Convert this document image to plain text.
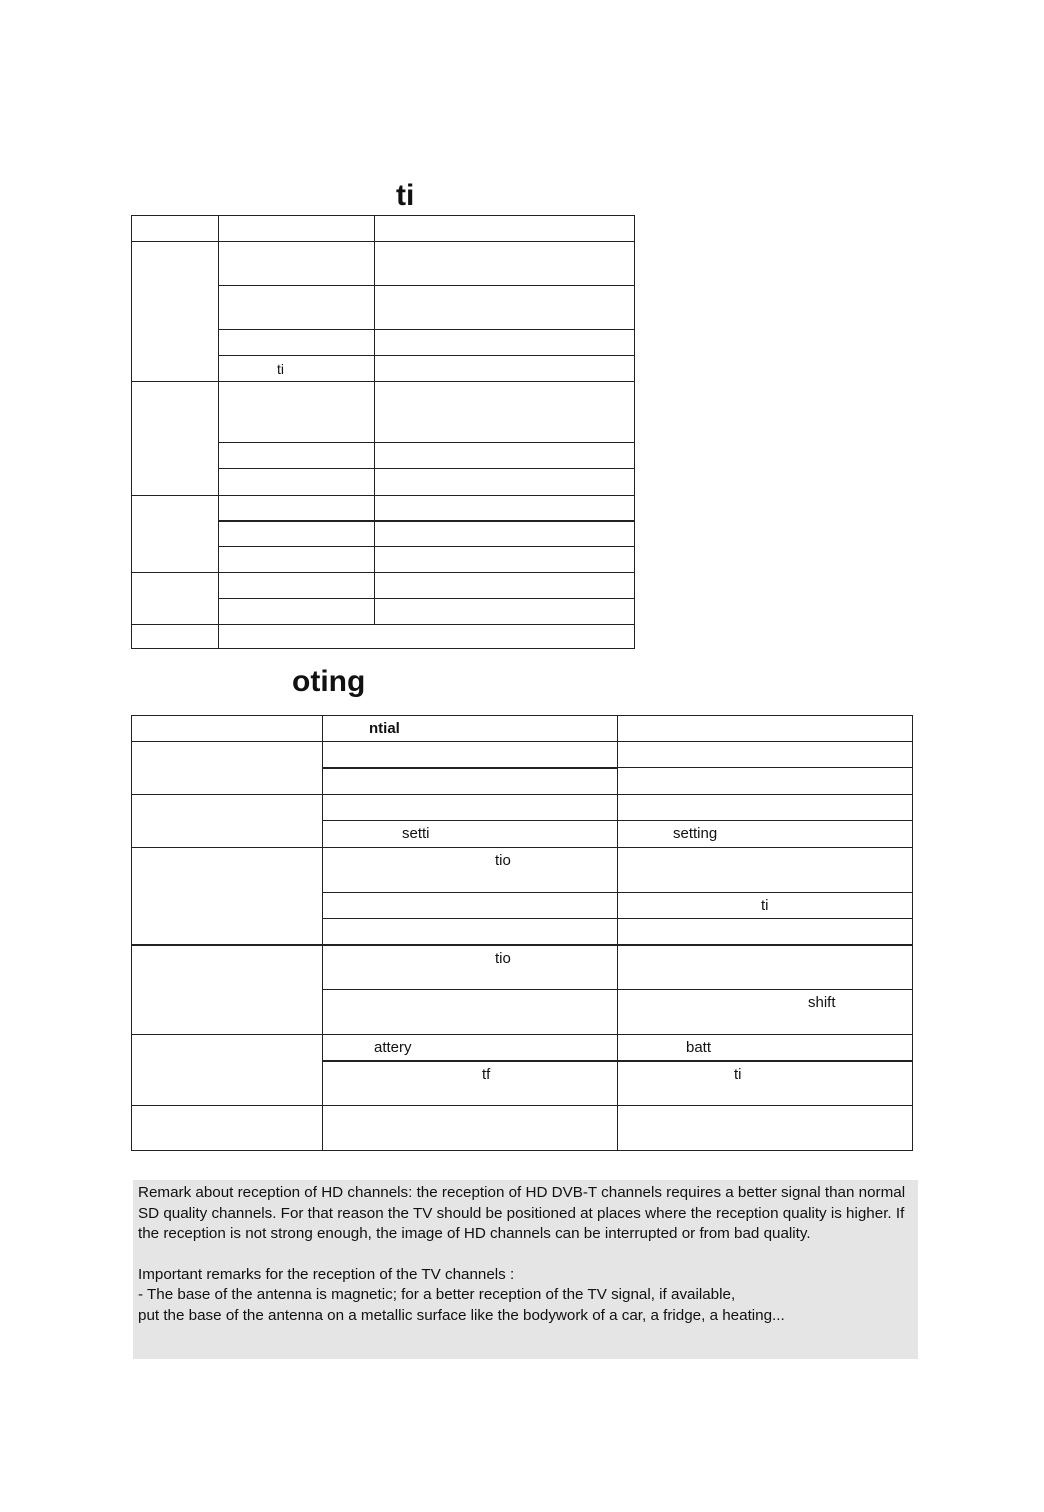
ti

	ti	

oting

	ntial	

	setti	setting

	tio	

		ti

	tio	

		shift

	attery	batt

	tf	ti

Remark about reception of HD channels: the reception of HD DVB-T channels requires a better signal than normal SD quality channels. For that reason the TV should be positioned at places where the reception quality is higher. If the reception is not strong enough, the image of HD channels can be interrupted or from bad quality.

Important remarks for the reception of the TV channels :

- The base of the antenna is magnetic; for a better reception of the TV signal, if available,

put the base of the antenna on a metallic surface like the bodywork of a car, a fridge, a heating...
